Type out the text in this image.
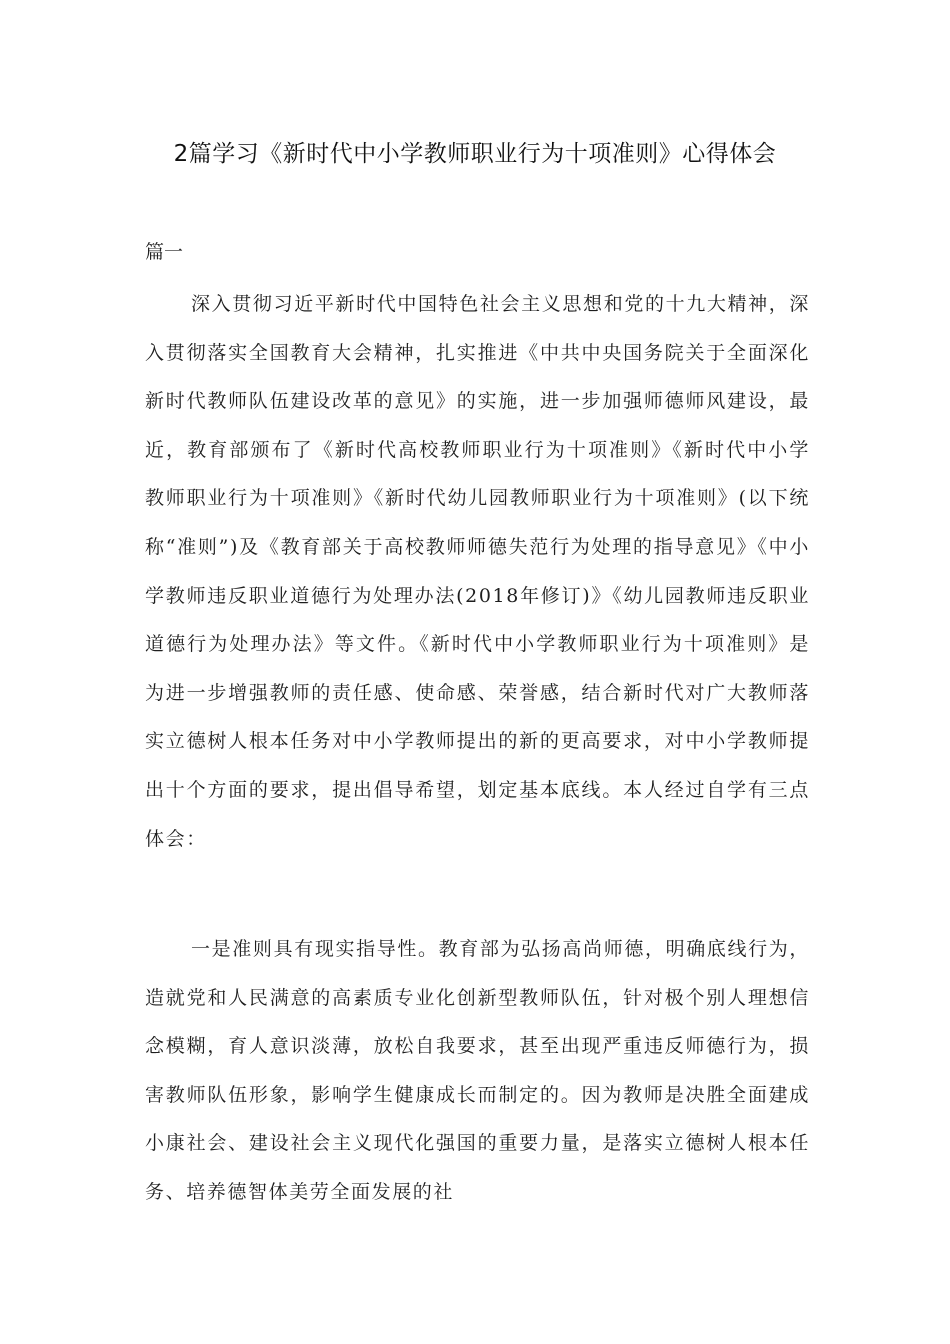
2篇学习《新时代中小学教师职业行为十项准则》心得体会

篇一

深入贯彻习近平新时代中国特色社会主义思想和党的十九大精神，深入贯彻落实全国教育大会精神，扎实推进《中共中央国务院关于全面深化新时代教师队伍建设改革的意见》的实施，进一步加强师德师风建设，最近，教育部颁布了《新时代高校教师职业行为十项准则》《新时代中小学教师职业行为十项准则》《新时代幼儿园教师职业行为十项准则》(以下统称“准则”)及《教育部关于高校教师师德失范行为处理的指导意见》《中小学教师违反职业道德行为处理办法(2018年修订)》《幼儿园教师违反职业道德行为处理办法》等文件。《新时代中小学教师职业行为十项准则》是为进一步增强教师的责任感、使命感、荣誉感，结合新时代对广大教师落实立德树人根本任务对中小学教师提出的新的更高要求，对中小学教师提出十个方面的要求，提出倡导希望，划定基本底线。本人经过自学有三点体会：

一是准则具有现实指导性。教育部为弘扬高尚师德，明确底线行为，造就党和人民满意的高素质专业化创新型教师队伍，针对极个别人理想信念模糊，育人意识淡薄，放松自我要求，甚至出现严重违反师德行为，损害教师队伍形象，影响学生健康成长而制定的。因为教师是决胜全面建成小康社会、建设社会主义现代化强国的重要力量，是落实立德树人根本任务、培养德智体美劳全面发展的社
